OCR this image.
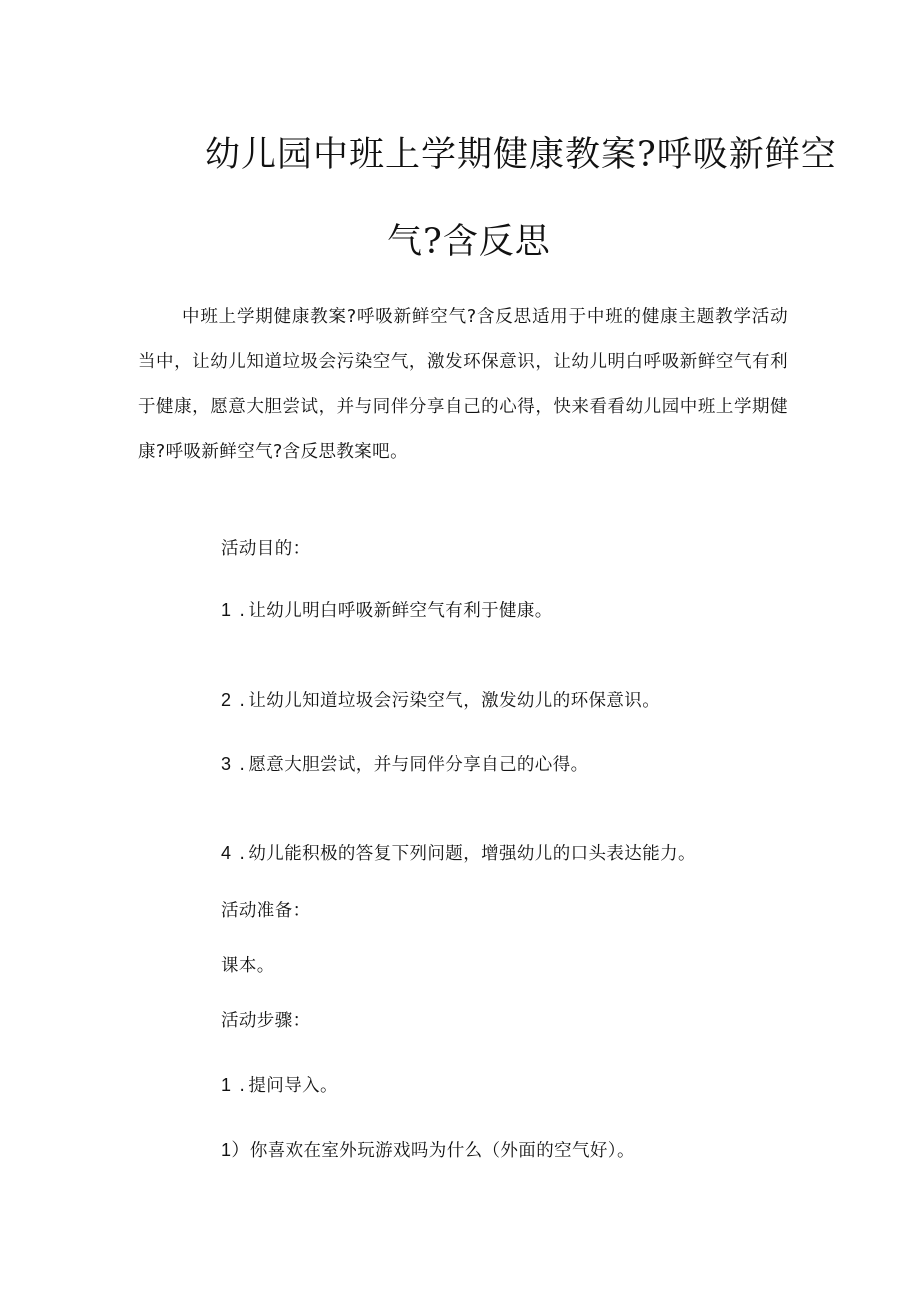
幼儿园中班上学期健康教案?呼吸新鲜空
气?含反思

中班上学期健康教案?呼吸新鲜空气?含反思适用于中班的健康主题教学活动当中，让幼儿知道垃圾会污染空气，激发环保意识，让幼儿明白呼吸新鲜空气有利于健康，愿意大胆尝试，并与同伴分享自己的心得，快来看看幼儿园中班上学期健康?呼吸新鲜空气?含反思教案吧。

活动目的：
1 . 让幼儿明白呼吸新鲜空气有利于健康。
2 . 让幼儿知道垃圾会污染空气，激发幼儿的环保意识。
3 . 愿意大胆尝试，并与同伴分享自己的心得。
4 . 幼儿能积极的答复下列问题，增强幼儿的口头表达能力。
活动准备：
课本。
活动步骤：
1 . 提问导入。
1）你喜欢在室外玩游戏吗为什么（外面的空气好）。
